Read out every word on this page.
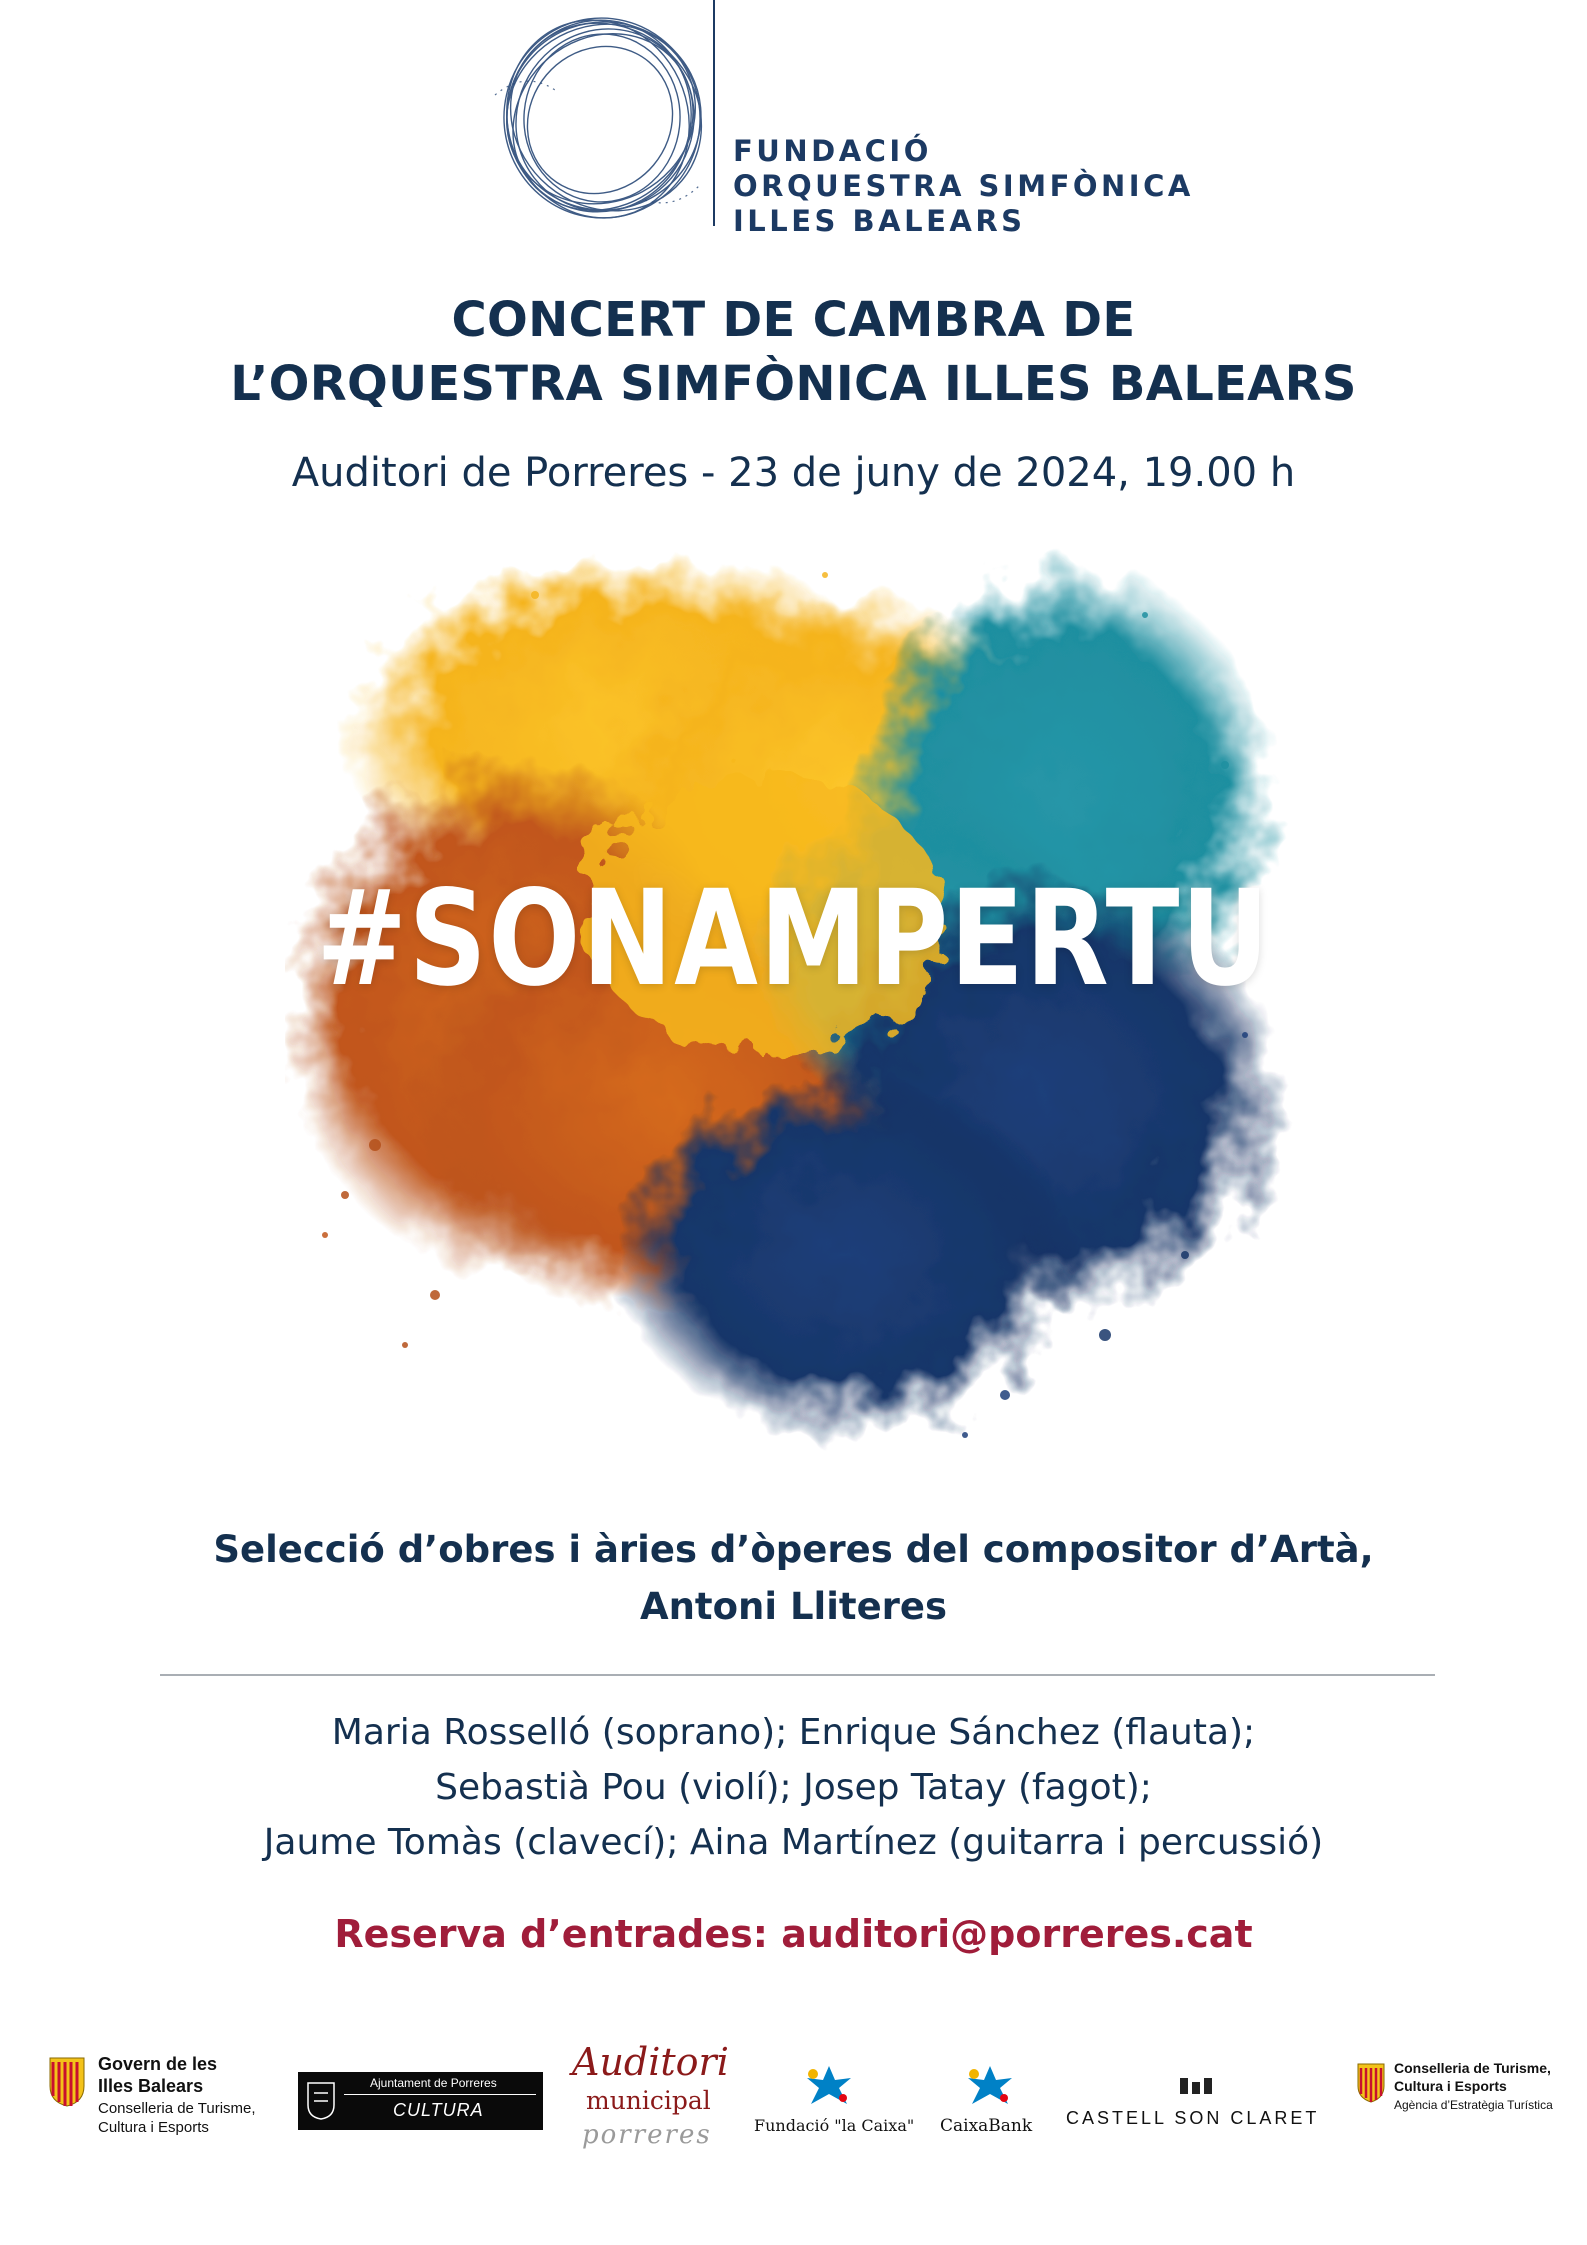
FUNDACIÓ
ORQUESTRA SIMFÒNICA
ILLES BALEARS
CONCERT DE CAMBRA DE
L’ORQUESTRA SIMFÒNICA ILLES BALEARS
Auditori de Porreres - 23 de juny de 2024, 19.00 h
#SONAMPERTU
Selecció d’obres i àries d’òperes del compositor d’Artà,
Antoni Lliteres
Maria Rosselló (soprano); Enrique Sánchez (flauta);
Sebastià Pou (violí); Josep Tatay (fagot);
Jaume Tomàs (clavecí); Aina Martínez (guitarra i percussió)
Reserva d’entrades: auditori@porreres.cat
Govern de les
Illes Balears
Conselleria de Turisme,
Cultura i Esports
Ajuntament de Porreres
CULTURA
Auditori
municipal
porreres	Fundació "la Caixa" CaixaBank CASTELL SON CLARET
Conselleria de Turisme,
Cultura i Esports
Agència d’Estratègia Turística
